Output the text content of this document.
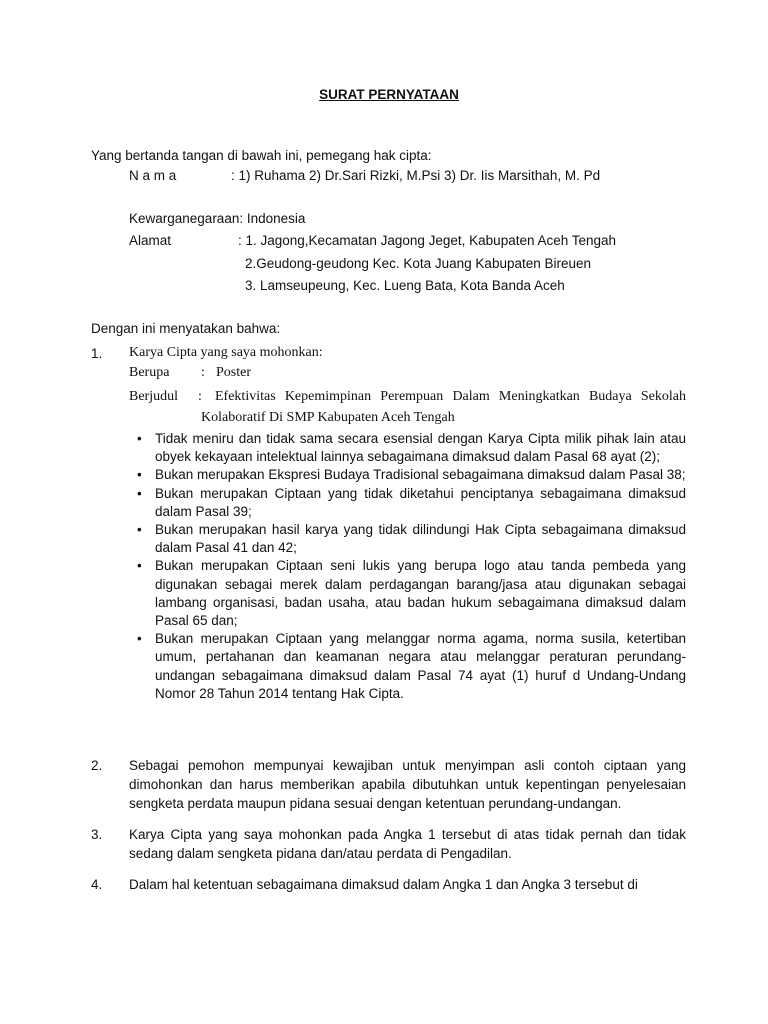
SURAT PERNYATAAN
Yang bertanda tangan di bawah ini, pemegang hak cipta:
N a m a	: 1) Ruhama 2) Dr.Sari Rizki, M.Psi 3) Dr. Iis Marsithah, M. Pd
Kewarganegaraan: Indonesia
Alamat	: 1. Jagong,Kecamatan Jagong Jeget, Kabupaten Aceh Tengah
2.Geudong-geudong Kec. Kota Juang Kabupaten Bireuen
3. Lamseupeung, Kec. Lueng Bata, Kota Banda Aceh
Dengan ini menyatakan bahwa:
1. Karya Cipta yang saya mohonkan:
Berupa : Poster
Berjudul : Efektivitas Kepemimpinan Perempuan Dalam Meningkatkan Budaya Sekolah Kolaboratif Di SMP Kabupaten Aceh Tengah
• Tidak meniru dan tidak sama secara esensial dengan Karya Cipta milik pihak lain atau obyek kekayaan intelektual lainnya sebagaimana dimaksud dalam Pasal 68 ayat (2);
• Bukan merupakan Ekspresi Budaya Tradisional sebagaimana dimaksud dalam Pasal 38;
• Bukan merupakan Ciptaan yang tidak diketahui penciptanya sebagaimana dimaksud dalam Pasal 39;
• Bukan merupakan hasil karya yang tidak dilindungi Hak Cipta sebagaimana dimaksud dalam Pasal 41 dan 42;
• Bukan merupakan Ciptaan seni lukis yang berupa logo atau tanda pembeda yang digunakan sebagai merek dalam perdagangan barang/jasa atau digunakan sebagai lambang organisasi, badan usaha, atau badan hukum sebagaimana dimaksud dalam Pasal 65 dan;
• Bukan merupakan Ciptaan yang melanggar norma agama, norma susila, ketertiban umum, pertahanan dan keamanan negara atau melanggar peraturan perundang-undangan sebagaimana dimaksud dalam Pasal 74 ayat (1) huruf d Undang-Undang Nomor 28 Tahun 2014 tentang Hak Cipta.
2. Sebagai pemohon mempunyai kewajiban untuk menyimpan asli contoh ciptaan yang dimohonkan dan harus memberikan apabila dibutuhkan untuk kepentingan penyelesaian sengketa perdata maupun pidana sesuai dengan ketentuan perundang-undangan.
3. Karya Cipta yang saya mohonkan pada Angka 1 tersebut di atas tidak pernah dan tidak sedang dalam sengketa pidana dan/atau perdata di Pengadilan.
4. Dalam hal ketentuan sebagaimana dimaksud dalam Angka 1 dan Angka 3 tersebut di
